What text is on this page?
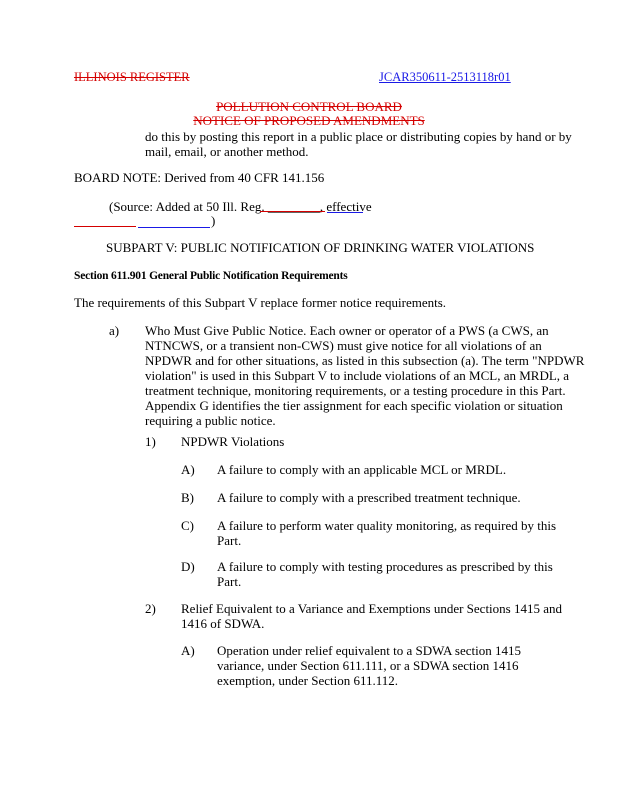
ILLINOIS REGISTER	JCAR350611-2513118r01
POLLUTION CONTROL BOARD
NOTICE OF PROPOSED AMENDMENTS
do this by posting this report in a public place or distributing copies by hand or by
mail, email, or another method.
BOARD NOTE: Derived from 40 CFR 141.156
(Source: Added at 50 Ill. Reg. ________, effective
)
SUBPART V: PUBLIC NOTIFICATION OF DRINKING WATER VIOLATIONS
Section 611.901 General Public Notification Requirements
The requirements of this Subpart V replace former notice requirements.
a) Who Must Give Public Notice. Each owner or operator of a PWS (a CWS, an NTNCWS, or a transient non-CWS) must give notice for all violations of an NPDWR and for other situations, as listed in this subsection (a). The term "NPDWR violation" is used in this Subpart V to include violations of an MCL, an MRDL, a treatment technique, monitoring requirements, or a testing procedure in this Part. Appendix G identifies the tier assignment for each specific violation or situation requiring a public notice.
1) NPDWR Violations
A) A failure to comply with an applicable MCL or MRDL.
B) A failure to comply with a prescribed treatment technique.
C) A failure to perform water quality monitoring, as required by this Part.
D) A failure to comply with testing procedures as prescribed by this Part.
2) Relief Equivalent to a Variance and Exemptions under Sections 1415 and 1416 of SDWA.
A) Operation under relief equivalent to a SDWA section 1415 variance, under Section 611.111, or a SDWA section 1416 exemption, under Section 611.112.
